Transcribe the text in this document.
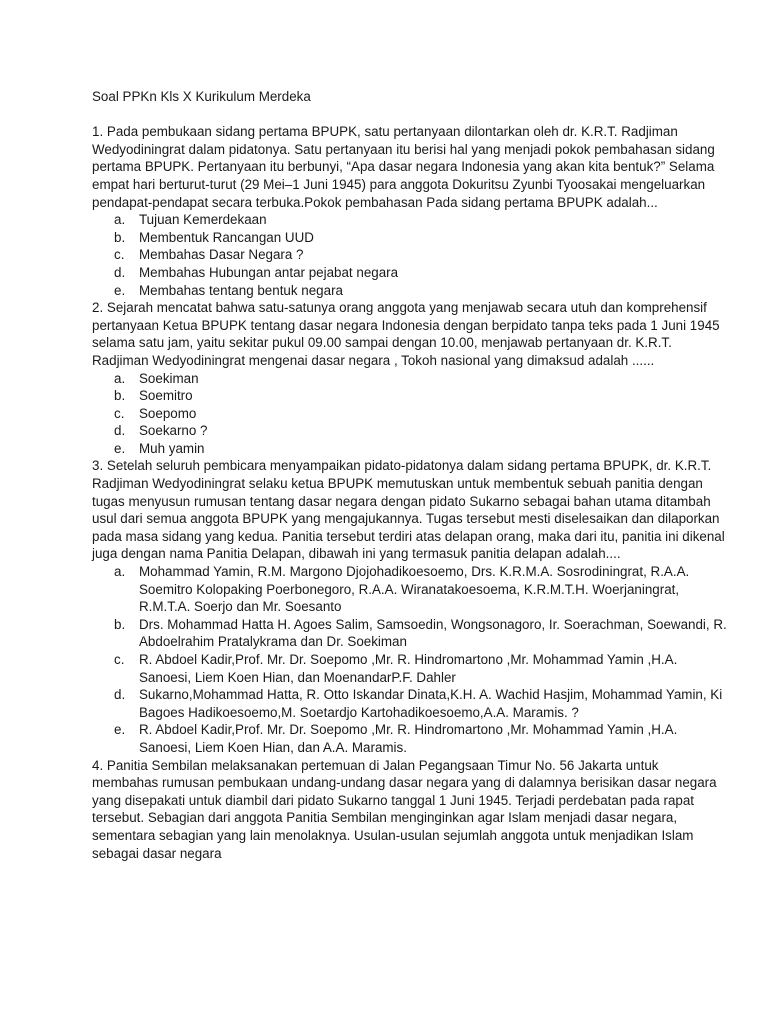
Soal PPKn Kls X Kurikulum Merdeka

1. Pada pembukaan sidang pertama BPUPK, satu pertanyaan dilontarkan oleh dr. K.R.T. Radjiman Wedyodiningrat dalam pidatonya. Satu pertanyaan itu berisi hal yang menjadi pokok pembahasan sidang pertama BPUPK. Pertanyaan itu berbunyi, “Apa dasar negara Indonesia yang akan kita bentuk?” Selama empat hari berturut-turut (29 Mei–1 Juni 1945) para anggota Dokuritsu Zyunbi Tyoosakai mengeluarkan pendapat-pendapat secara terbuka.Pokok pembahasan Pada sidang pertama BPUPK adalah...

a. Tujuan Kemerdekaan
b. Membentuk Rancangan UUD
c. Membahas Dasar Negara ?
d. Membahas Hubungan antar pejabat negara
e. Membahas tentang bentuk negara

2. Sejarah mencatat bahwa satu-satunya orang anggota yang menjawab secara utuh dan komprehensif pertanyaan Ketua BPUPK tentang dasar negara Indonesia dengan berpidato tanpa teks pada 1 Juni 1945 selama satu jam, yaitu sekitar pukul 09.00 sampai dengan 10.00, menjawab pertanyaan dr. K.R.T. Radjiman Wedyodiningrat mengenai dasar negara , Tokoh nasional yang dimaksud adalah ......

a. Soekiman
b. Soemitro
c. Soepomo
d. Soekarno ?
e. Muh yamin

3. Setelah seluruh pembicara menyampaikan pidato-pidatonya dalam sidang pertama BPUPK, dr. K.R.T. Radjiman Wedyodiningrat selaku ketua BPUPK memutuskan untuk membentuk sebuah panitia dengan tugas menyusun rumusan tentang dasar negara dengan pidato Sukarno sebagai bahan utama ditambah usul dari semua anggota BPUPK yang mengajukannya. Tugas tersebut mesti diselesaikan dan dilaporkan pada masa sidang yang kedua. Panitia tersebut terdiri atas delapan orang, maka dari itu, panitia ini dikenal juga dengan nama Panitia Delapan, dibawah ini yang termasuk panitia delapan adalah....

a. Mohammad Yamin, R.M. Margono Djojohadikoesoemo, Drs. K.R.M.A. Sosrodiningrat, R.A.A. Soemitro Kolopaking Poerbonegoro, R.A.A. Wiranatakoesoema, K.R.M.T.H. Woerjaningrat, R.M.T.A. Soerjo dan Mr. Soesanto
b. Drs. Mohammad Hatta H. Agoes Salim, Samsoedin, Wongsonagoro, Ir. Soerachman, Soewandi, R. Abdoelrahim Pratalykrama dan Dr. Soekiman
c. R. Abdoel Kadir,Prof. Mr. Dr. Soepomo ,Mr. R. Hindromartono ,Mr. Mohammad Yamin ,H.A. Sanoesi, Liem Koen Hian, dan MoenandarP.F. Dahler
d. Sukarno,Mohammad Hatta, R. Otto Iskandar Dinata,K.H. A. Wachid Hasjim, Mohammad Yamin, Ki Bagoes Hadikoesoemo,M. Soetardjo Kartohadikoesoemo,A.A. Maramis. ?
e. R. Abdoel Kadir,Prof. Mr. Dr. Soepomo ,Mr. R. Hindromartono ,Mr. Mohammad Yamin ,H.A. Sanoesi, Liem Koen Hian, dan A.A. Maramis.

4. Panitia Sembilan melaksanakan pertemuan di Jalan Pegangsaan Timur No. 56 Jakarta untuk membahas rumusan pembukaan undang-undang dasar negara yang di dalamnya berisikan dasar negara yang disepakati untuk diambil dari pidato Sukarno tanggal 1 Juni 1945. Terjadi perdebatan pada rapat tersebut. Sebagian dari anggota Panitia Sembilan menginginkan agar Islam menjadi dasar negara, sementara sebagian yang lain menolaknya. Usulan-usulan sejumlah anggota untuk menjadikan Islam sebagai dasar negara
